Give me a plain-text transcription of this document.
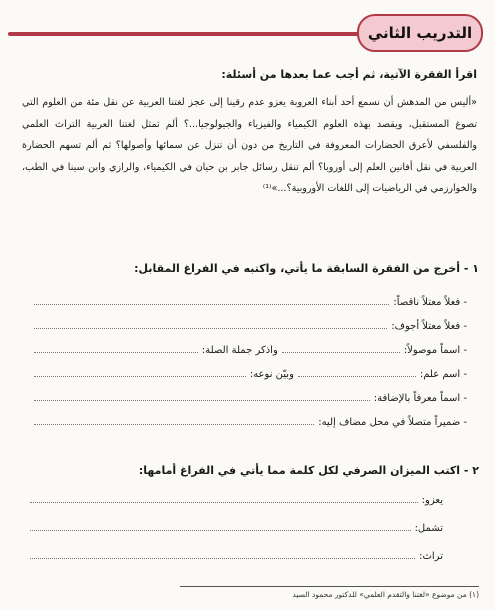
التدريب الثاني
اقرأ الفقرة الآتية، ثم أجب عما بعدها من أسئلة:
«أليس من المدهش أن نسمع أحد أبناء العروبة يعزو عدم رقينا إلى عجز لغتنا العربية عن نقل مئة من العلوم التي تصوغ المستقبل، ويقصد بهذه العلوم الكيمياء والفيزياء والجيولوجيا...؟ ألم تمثل لغتنا العربية التراث العلمي والفلسفي لأعرق الحضارات المعروفة في التاريخ من دون أن تنزل عن سمائها وأصولها؟ ثم ألم تسهم الحضارة العربية في نقل أفانين العلم إلى أوروبا؟ ألم تنقل رسائل جابر بن حيان في الكيمياء، والرازي وابن سينا في الطب، والخوارزمي في الرياضيات إلى اللغات الأوروبية؟...»⁽¹⁾
١ - أخرج من الفقرة السابقة ما يأتي، واكتبه في الفراغ المقابل:
- فعلاً معتلاً ناقصاً:
- فعلاً معتلاً أجوف:
- اسماً موصولاً:
واذكر جملة الصلة:
- اسم علم:
وبيّن نوعه:
- اسماً معرفاً بالإضافة:
- ضميراً متصلاً في محل مضاف إليه:
٢ - اكتب الميزان الصرفي لكل كلمة مما يأتي في الفراغ أمامها:
يعزو:
تشمل:
تراث:
(١) من موضوع «لغتنا والتقدم العلمي» للدكتور محمود السيد
